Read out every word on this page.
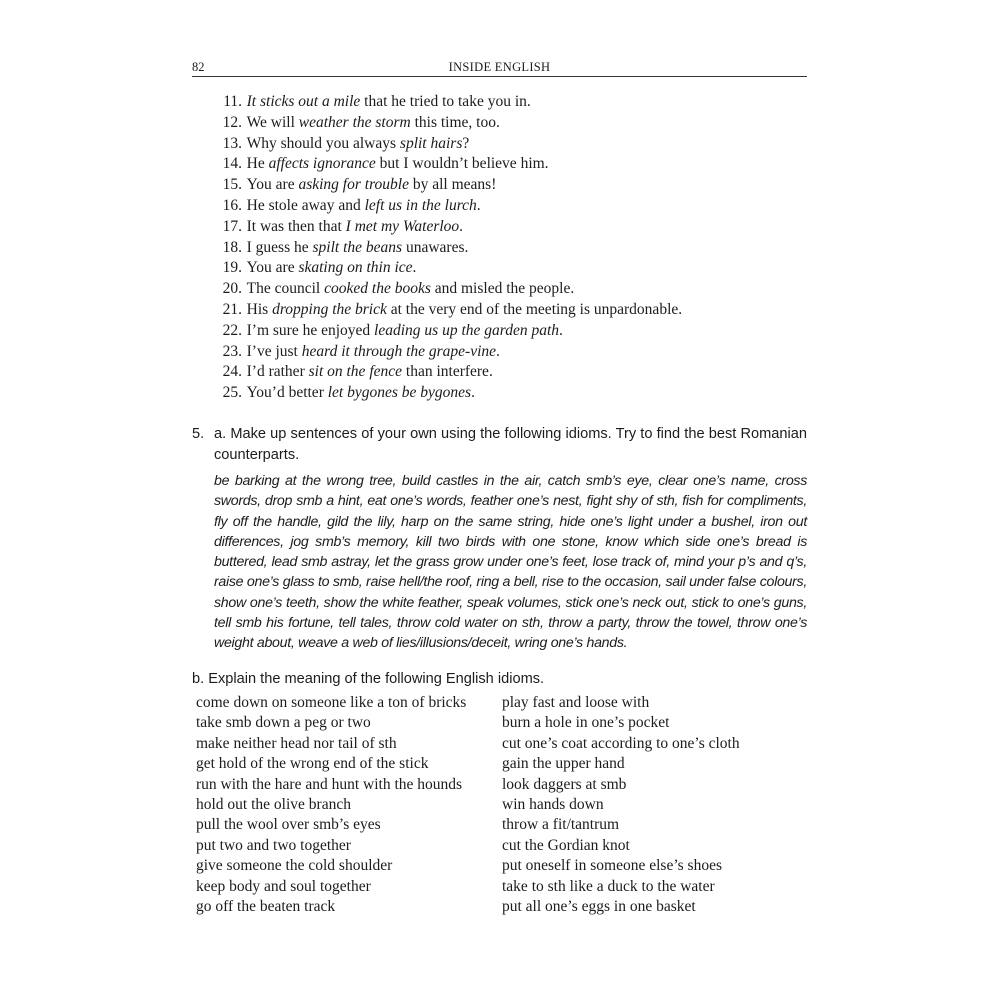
82	INSIDE ENGLISH
11. It sticks out a mile that he tried to take you in.
12. We will weather the storm this time, too.
13. Why should you always split hairs?
14. He affects ignorance but I wouldn’t believe him.
15. You are asking for trouble by all means!
16. He stole away and left us in the lurch.
17. It was then that I met my Waterloo.
18. I guess he spilt the beans unawares.
19. You are skating on thin ice.
20. The council cooked the books and misled the people.
21. His dropping the brick at the very end of the meeting is unpardonable.
22. I’m sure he enjoyed leading us up the garden path.
23. I’ve just heard it through the grape-vine.
24. I’d rather sit on the fence than interfere.
25. You’d better let bygones be bygones.
5. a. Make up sentences of your own using the following idioms. Try to find the best Romanian counterparts.
be barking at the wrong tree, build castles in the air, catch smb’s eye, clear one’s name, cross swords, drop smb a hint, eat one’s words, feather one’s nest, fight shy of sth, fish for compliments, fly off the handle, gild the lily, harp on the same string, hide one’s light under a bushel, iron out differences, jog smb’s memory, kill two birds with one stone, know which side one’s bread is buttered, lead smb astray, let the grass grow under one’s feet, lose track of, mind your p’s and q’s, raise one’s glass to smb, raise hell/the roof, ring a bell, rise to the occasion, sail under false colours, show one’s teeth, show the white feather, speak volumes, stick one’s neck out, stick to one’s guns, tell smb his fortune, tell tales, throw cold water on sth, throw a party, throw the towel, throw one’s weight about, weave a web of lies/illusions/deceit, wring one’s hands.
b. Explain the meaning of the following English idioms.
come down on someone like a ton of bricks
take smb down a peg or two
make neither head nor tail of sth
get hold of the wrong end of the stick
run with the hare and hunt with the hounds
hold out the olive branch
pull the wool over smb’s eyes
put two and two together
give someone the cold shoulder
keep body and soul together
go off the beaten track
play fast and loose with
burn a hole in one’s pocket
cut one’s coat according to one’s cloth
gain the upper hand
look daggers at smb
win hands down
throw a fit/tantrum
cut the Gordian knot
put oneself in someone else’s shoes
take to sth like a duck to the water
put all one’s eggs in one basket
